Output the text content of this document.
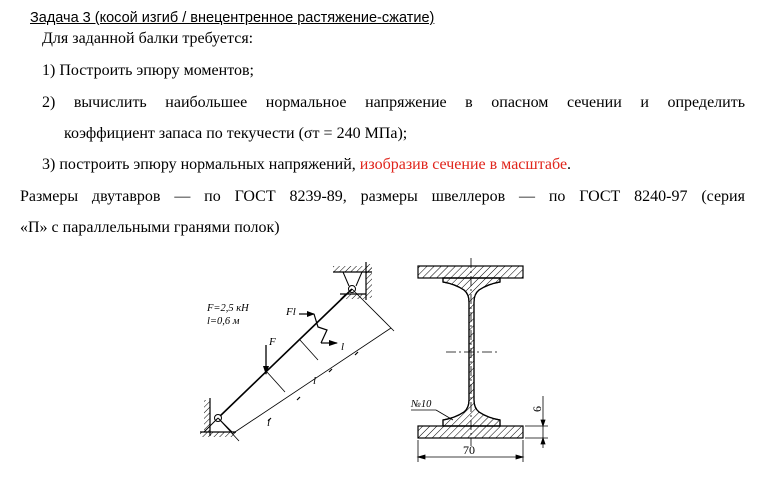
Задача 3 (косой изгиб / внецентренное растяжение-сжатие)
Для заданной балки требуется:
1) Построить эпюру моментов;
2) вычислить наибольшее нормальное напряжение в опасном сечении и определить
коэффициент запаса по текучести (σт = 240 МПа);
3) построить эпюру нормальных напряжений, изобразив сечение в масштабе.
Размеры двутавров — по ГОСТ 8239-89, размеры швеллеров — по ГОСТ 8240-97 (серия
«П» с параллельными гранями полок)
F=2,5 кН
l=0,6 м
Fl
F	l
l
l
70
6
№10
